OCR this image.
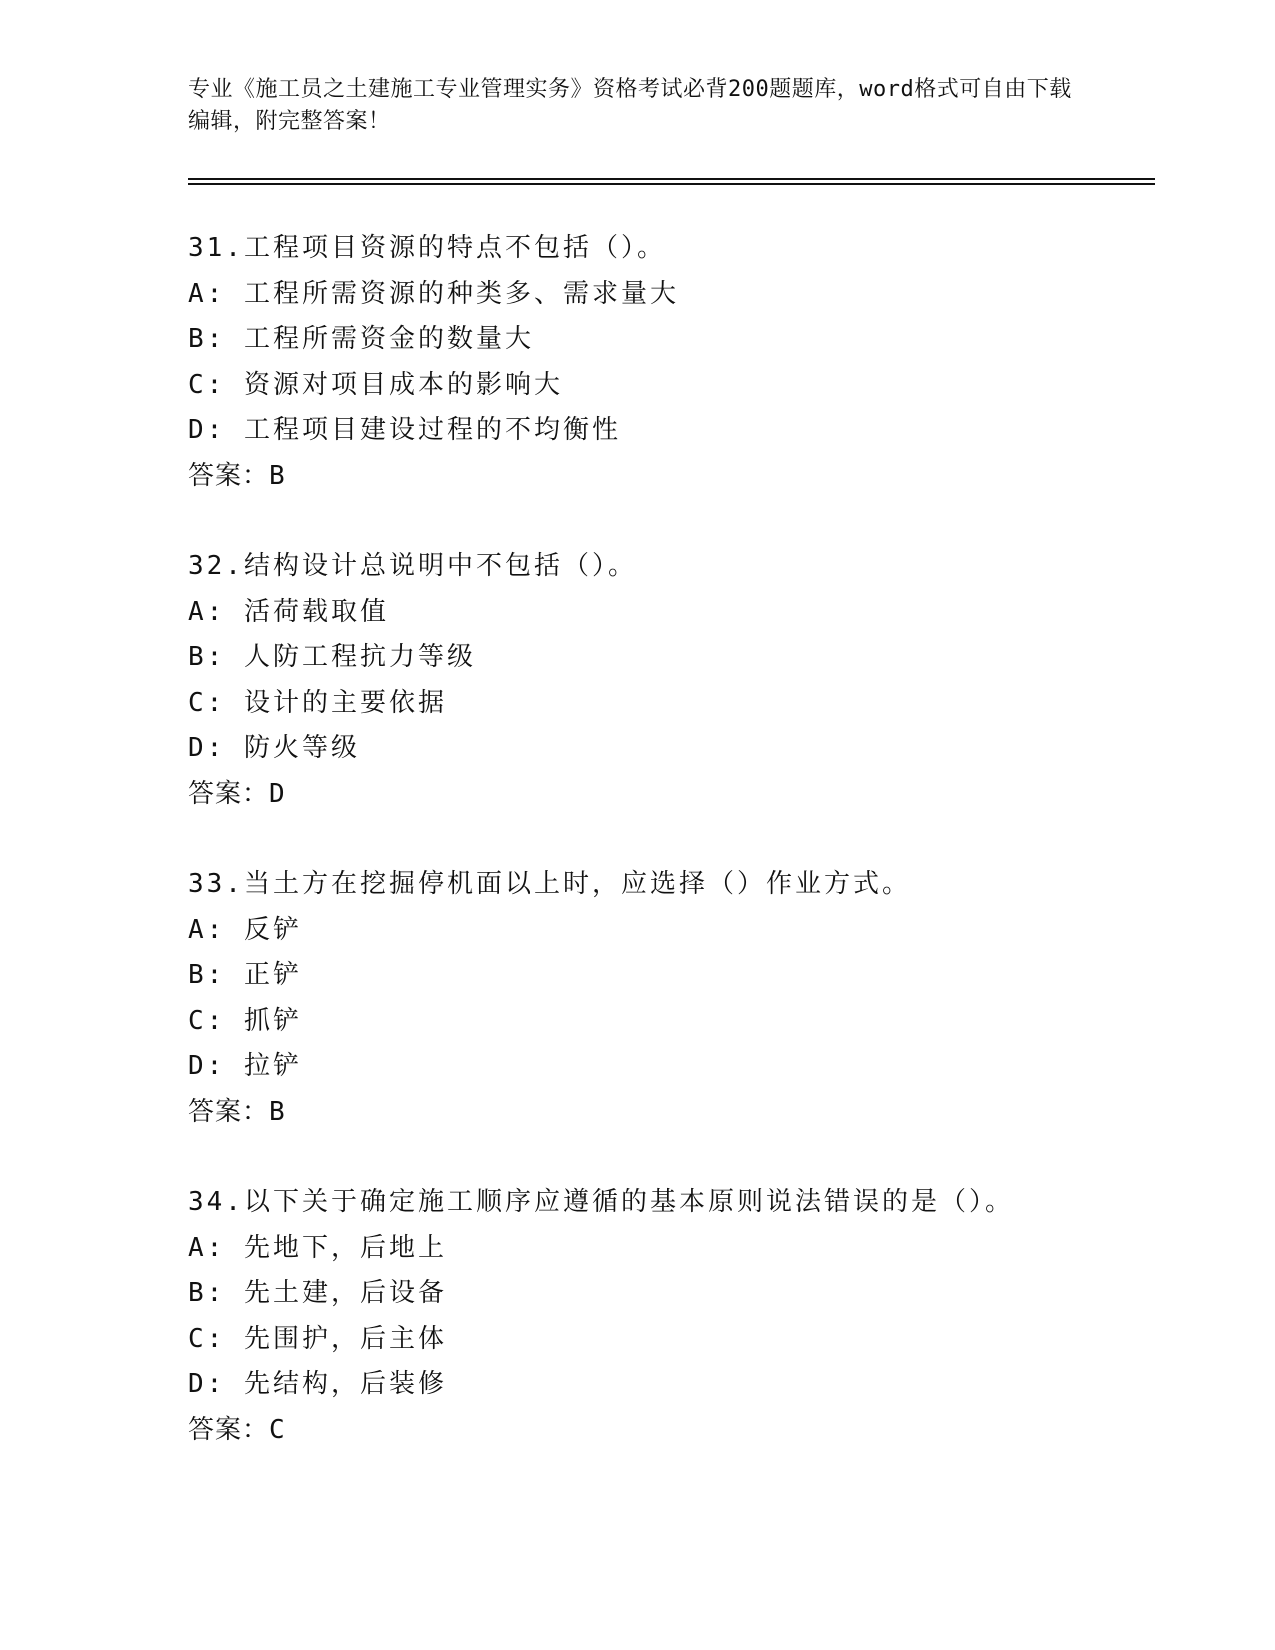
专业《施工员之土建施工专业管理实务》资格考试必背200题题库，word格式可自由下载编辑，附完整答案！
31.工程项目资源的特点不包括（）。
A: 工程所需资源的种类多、需求量大
B: 工程所需资金的数量大
C: 资源对项目成本的影响大
D: 工程项目建设过程的不均衡性
答案：B
32.结构设计总说明中不包括（）。
A: 活荷载取值
B: 人防工程抗力等级
C: 设计的主要依据
D: 防火等级
答案：D
33.当土方在挖掘停机面以上时，应选择（）作业方式。
A: 反铲
B: 正铲
C: 抓铲
D: 拉铲
答案：B
34.以下关于确定施工顺序应遵循的基本原则说法错误的是（）。
A: 先地下，后地上
B: 先土建，后设备
C: 先围护，后主体
D: 先结构，后装修
答案：C
